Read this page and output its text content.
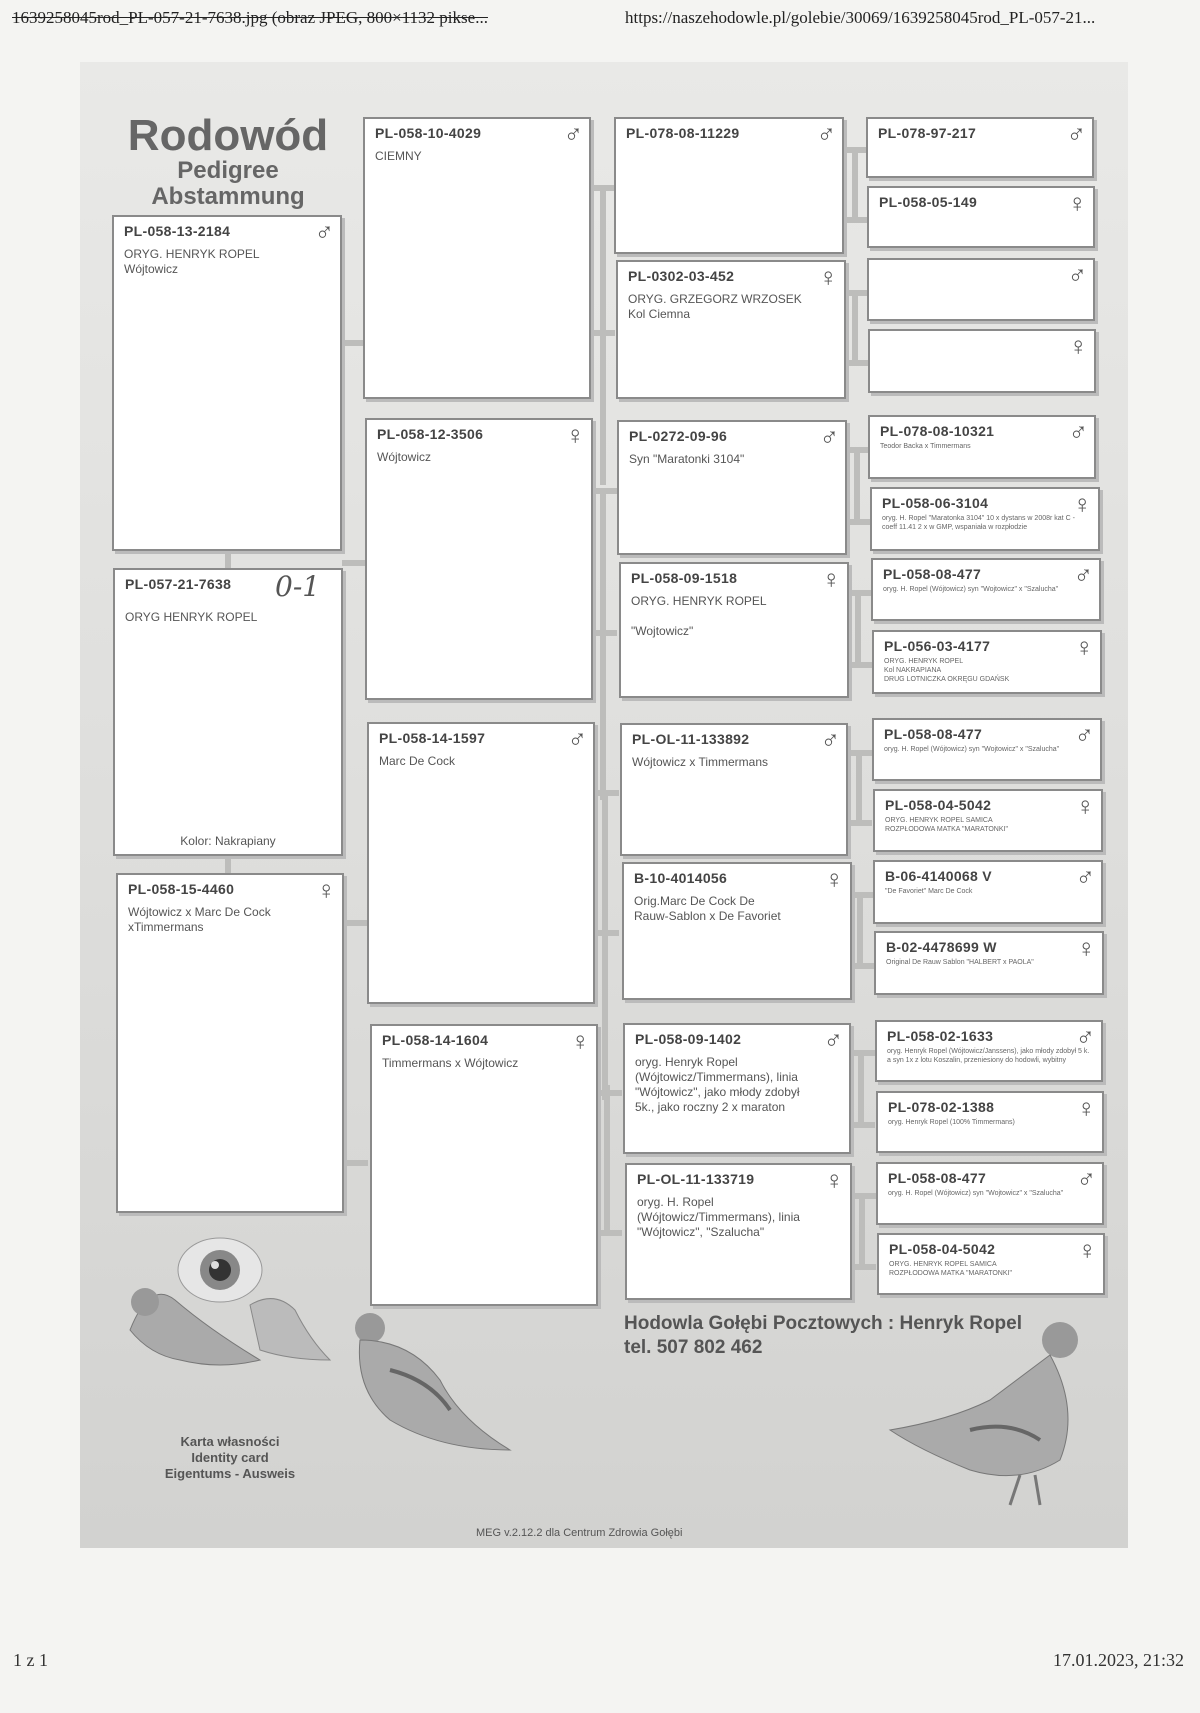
1639258045rod_PL-057-21-7638.jpg (obraz JPEG, 800×1132 pikse...	https://naszehodowle.pl/golebie/30069/1639258045rod_PL-057-21...
Rodowód
Pedigree
Abstammung
PL-058-13-2184	♂
ORYG. HENRYK ROPEL
Wójtowicz
PL-057-21-7638
ORYG HENRYK ROPEL
Kolor: Nakrapiany
0-1
PL-058-15-4460	♀
Wójtowicz x Marc De Cock
xTimmermans
PL-058-10-4029	♂
CIEMNY
PL-058-12-3506	♀
Wójtowicz
PL-058-14-1597	♂
Marc De Cock
PL-058-14-1604	♀
Timmermans x Wójtowicz
PL-078-08-11229	♂
PL-0302-03-452	♀
ORYG. GRZEGORZ WRZOSEK
Kol Ciemna
PL-0272-09-96	♂
Syn "Maratonki 3104"
PL-058-09-1518	♀
ORYG. HENRYK ROPEL

"Wojtowicz"
PL-OL-11-133892	♂
Wójtowicz x Timmermans
B-10-4014056	♀
Orig.Marc De Cock De
Rauw-Sablon x De Favoriet
PL-058-09-1402	♂
oryg. Henryk Ropel
(Wójtowicz/Timmermans), linia
"Wójtowicz", jako młody zdobył
5k., jako roczny 2 x maraton
PL-OL-11-133719	♀
oryg. H. Ropel
(Wójtowicz/Timmermans), linia
"Wójtowicz", "Szalucha"
PL-078-97-217	♂
PL-058-05-149	♀
♂
♀
PL-078-08-10321	♂
Teodor Backa x Timmermans
PL-058-06-3104	♀
oryg. H. Ropel "Maratonka 3104" 10 x dystans w 2008r kat C - coeff 11.41 2 x w GMP, wspaniała w rozpłodzie
PL-058-08-477	♂
oryg. H. Ropel (Wójtowicz) syn "Wojtowicz" x "Szalucha"
PL-056-03-4177	♀
ORYG. HENRYK ROPEL
Kol NAKRAPIANA
DRUG LOTNICZKA OKRĘGU GDAŃSK
PL-058-08-477	♂
oryg. H. Ropel (Wójtowicz) syn "Wojtowicz" x "Szalucha"
PL-058-04-5042	♀
ORYG. HENRYK ROPEL SAMICA
ROZPŁODOWA MATKA "MARATONKI"
B-06-4140068 V	♂
"De Favoriet" Marc De Cock
B-02-4478699 W	♀
Original De Rauw Sablon "HALBERT x PAOLA"
PL-058-02-1633	♂
oryg. Henryk Ropel (Wójtowicz/Janssens), jako młody zdobył 5 k. a syn 1x z lotu Koszalin, przeniesiony do hodowli, wybitny
PL-078-02-1388	♀
oryg. Henryk Ropel (100% Timmermans)
PL-058-08-477	♂
oryg. H. Ropel (Wójtowicz) syn "Wojtowicz" x "Szalucha"
PL-058-04-5042	♀
ORYG. HENRYK ROPEL SAMICA
ROZPŁODOWA MATKA "MARATONKI"
Hodowla Gołębi Pocztowych : Henryk Ropel
tel. 507 802 462
Karta własności
Identity card
Eigentums - Ausweis
MEG v.2.12.2 dla Centrum Zdrowia Gołębi
1 z 1	17.01.2023, 21:32
